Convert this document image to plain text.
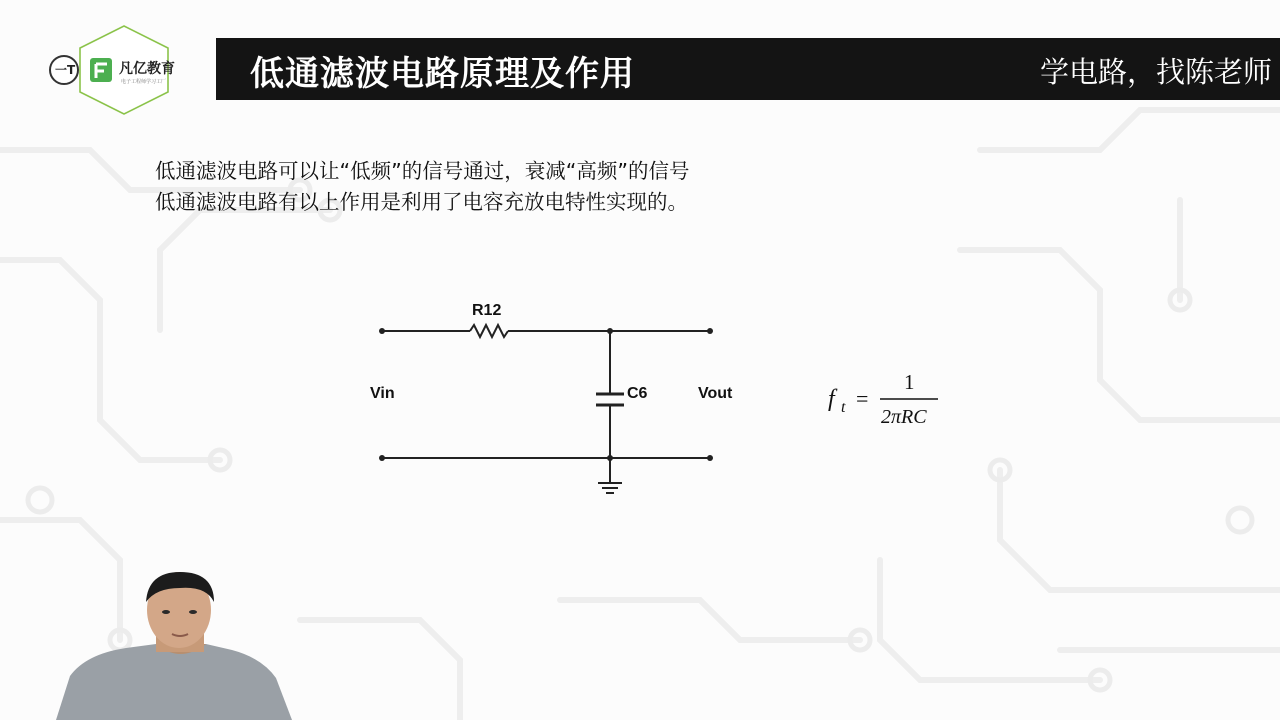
一T	凡亿教育
电子工程师学习工厂 低通滤波电路原理及作用	学电路，找陈老师
低通滤波电路可以让“低频”的信号通过，衰减“高频”的信号
低通滤波电路有以上作用是利用了电容充放电特性实现的。
R12
C6
Vin	Vout	f t =
1
2πRC
